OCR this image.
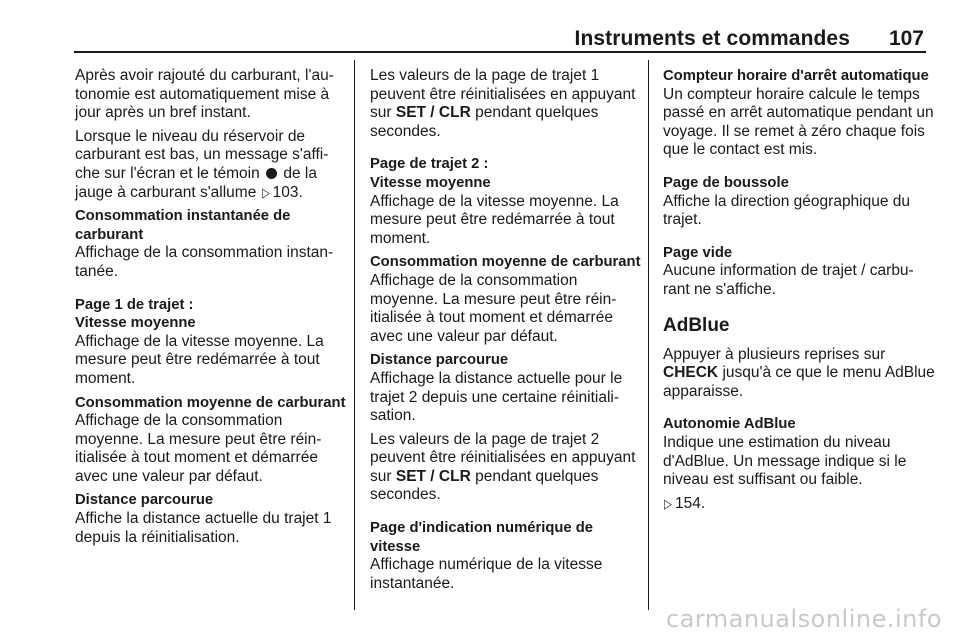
Instruments et commandes 107

Après avoir rajouté du carburant, l'au-tonomie est automatiquement mise à jour après un bref instant.

Lorsque le niveau du réservoir de carburant est bas, un message s'affi-che sur l'écran et le témoin de la jauge à carburant s'allume ▷ 103.

Consommation instantanée de carburant

Affichage de la consommation instan-tanée.

Page 1 de trajet :
Vitesse moyenne

Affichage de la vitesse moyenne. La mesure peut être redémarrée à tout moment.

Consommation moyenne de carburant

Affichage de la consommation moyenne. La mesure peut être réin-itialisée à tout moment et démarrée avec une valeur par défaut.

Distance parcourue

Affiche la distance actuelle du trajet 1 depuis la réinitialisation.

Les valeurs de la page de trajet 1 peuvent être réinitialisées en appuyant sur SET / CLR pendant quelques secondes.

Page de trajet 2 :
Vitesse moyenne

Affichage de la vitesse moyenne. La mesure peut être redémarrée à tout moment.

Consommation moyenne de carburant

Affichage de la consommation moyenne. La mesure peut être réin-itialisée à tout moment et démarrée avec une valeur par défaut.

Distance parcourue

Affichage la distance actuelle pour le trajet 2 depuis une certaine réinitiali-sation.

Les valeurs de la page de trajet 2 peuvent être réinitialisées en appuyant sur SET / CLR pendant quelques secondes.

Page d'indication numérique de vitesse

Affichage numérique de la vitesse instantanée.

Compteur horaire d'arrêt automatique

Un compteur horaire calcule le temps passé en arrêt automatique pendant un voyage. Il se remet à zéro chaque fois que le contact est mis.

Page de boussole

Affiche la direction géographique du trajet.

Page vide

Aucune information de trajet / carbu-rant ne s'affiche.

AdBlue

Appuyer à plusieurs reprises sur CHECK jusqu'à ce que le menu AdBlue apparaisse.

Autonomie AdBlue

Indique une estimation du niveau d'AdBlue. Un message indique si le niveau est suffisant ou faible.

▷ 154.

carmanualsonline.info
